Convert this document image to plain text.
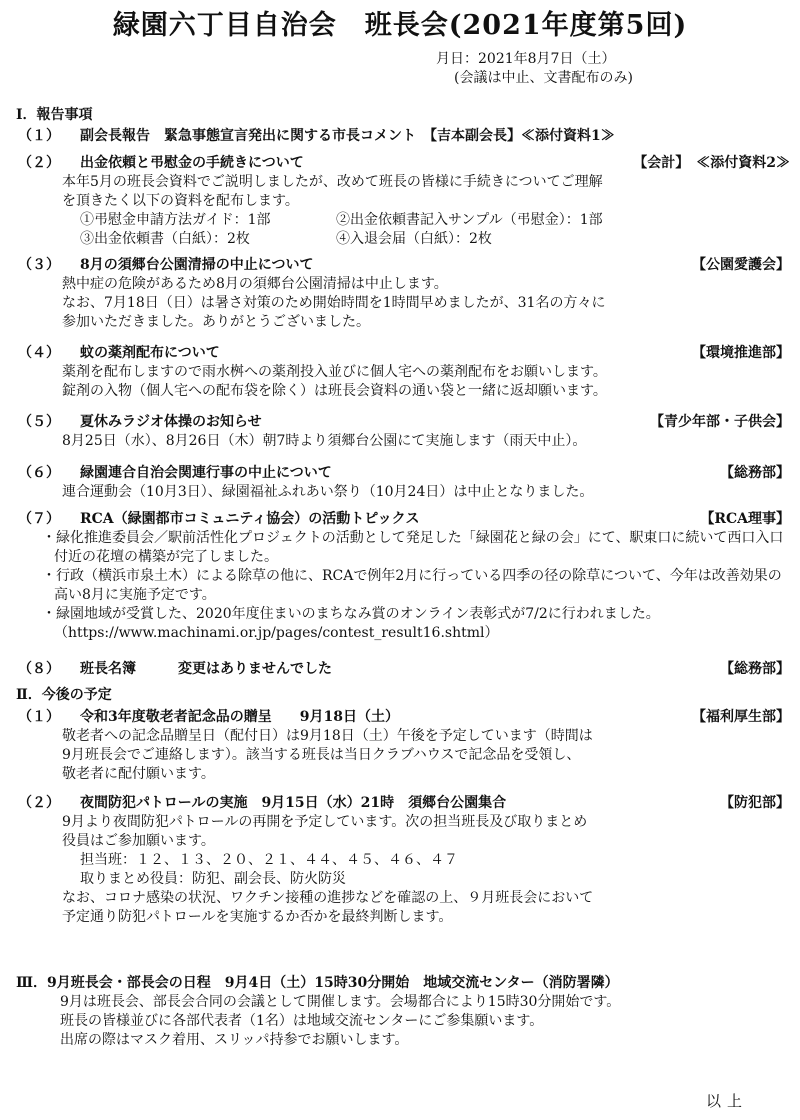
緑園六丁目自治会　班長会(2021年度第5回)
月日：2021年8月7日（土）
(会議は中止、文書配布のみ)
Ⅰ．報告事項
（１） 副会長報告　緊急事態宣言発出に関する市長コメント　【吉本副会長】≪添付資料1≫
（２） 出金依頼と弔慰金の手続きについて	【会計】　≪添付資料2≫
本年5月の班長会資料でご説明しましたが、改めて班長の皆様に手続きについてご理解
を頂きたく以下の資料を配布します。
①弔慰金申請方法ガイド：1部	②出金依頼書記入サンプル（弔慰金）：1部
③出金依頼書（白紙）：2枚	④入退会届（白紙）：2枚
（３） 8月の須郷台公園清掃の中止について	【公園愛護会】
熱中症の危険があるため8月の須郷台公園清掃は中止します。
なお、7月18日（日）は暑さ対策のため開始時間を1時間早めましたが、31名の方々に
参加いただきました。ありがとうございました。
（４） 蚊の薬剤配布について	【環境推進部】
薬剤を配布しますので雨水桝への薬剤投入並びに個人宅への薬剤配布をお願いします。
錠剤の入物（個人宅への配布袋を除く）は班長会資料の通い袋と一緒に返却願います。
（５） 夏休みラジオ体操のお知らせ	【青少年部・子供会】
8月25日（水）、8月26日（木）朝7時より須郷台公園にて実施します（雨天中止）。
（６） 緑園連合自治会関連行事の中止について	【総務部】
連合運動会（10月3日）、緑園福祉ふれあい祭り（10月24日）は中止となりました。
（７） RCA（緑園都市コミュニティ協会）の活動トピックス	【RCA理事】
・緑化推進委員会／駅前活性化プロジェクトの活動として発足した「緑園花と緑の会」にて、駅東口に続いて西口入口付近の花壇の構築が完了しました。
・行政（横浜市泉土木）による除草の他に、RCAで例年2月に行っている四季の径の除草について、今年は改善効果の高い8月に実施予定です。
・緑園地域が受賞した、2020年度住まいのまちなみ賞のオンライン表彰式が7/2に行われました。（https://www.machinami.or.jp/pages/contest_result16.shtml）
（８） 班長名簿　　　変更はありませんでした	【総務部】
Ⅱ．今後の予定
（１） 令和3年度敬老者記念品の贈呈　　9月18日（土）	【福利厚生部】
敬老者への記念品贈呈日（配付日）は9月18日（土）午後を予定しています（時間は
9月班長会でご連絡します）。該当する班長は当日クラブハウスで記念品を受領し、
敬老者に配付願います。
（２） 夜間防犯パトロールの実施　9月15日（水）21時　須郷台公園集合	【防犯部】
9月より夜間防犯パトロールの再開を予定しています。次の担当班長及び取りまとめ
役員はご参加願います。
担当班：１２、１３、２０、２１、４４、４５、４６、４７
取りまとめ役員：防犯、副会長、防火防災
なお、コロナ感染の状況、ワクチン接種の進捗などを確認の上、９月班長会において
予定通り防犯パトロールを実施するか否かを最終判断します。
Ⅲ．9月班長会・部長会の日程　9月4日（土）15時30分開始　地域交流センター（消防署隣）
9月は班長会、部長会合同の会議として開催します。会場都合により15時30分開始です。
班長の皆様並びに各部代表者（1名）は地域交流センターにご参集願います。
出席の際はマスク着用、スリッパ持参でお願いします。
以上
